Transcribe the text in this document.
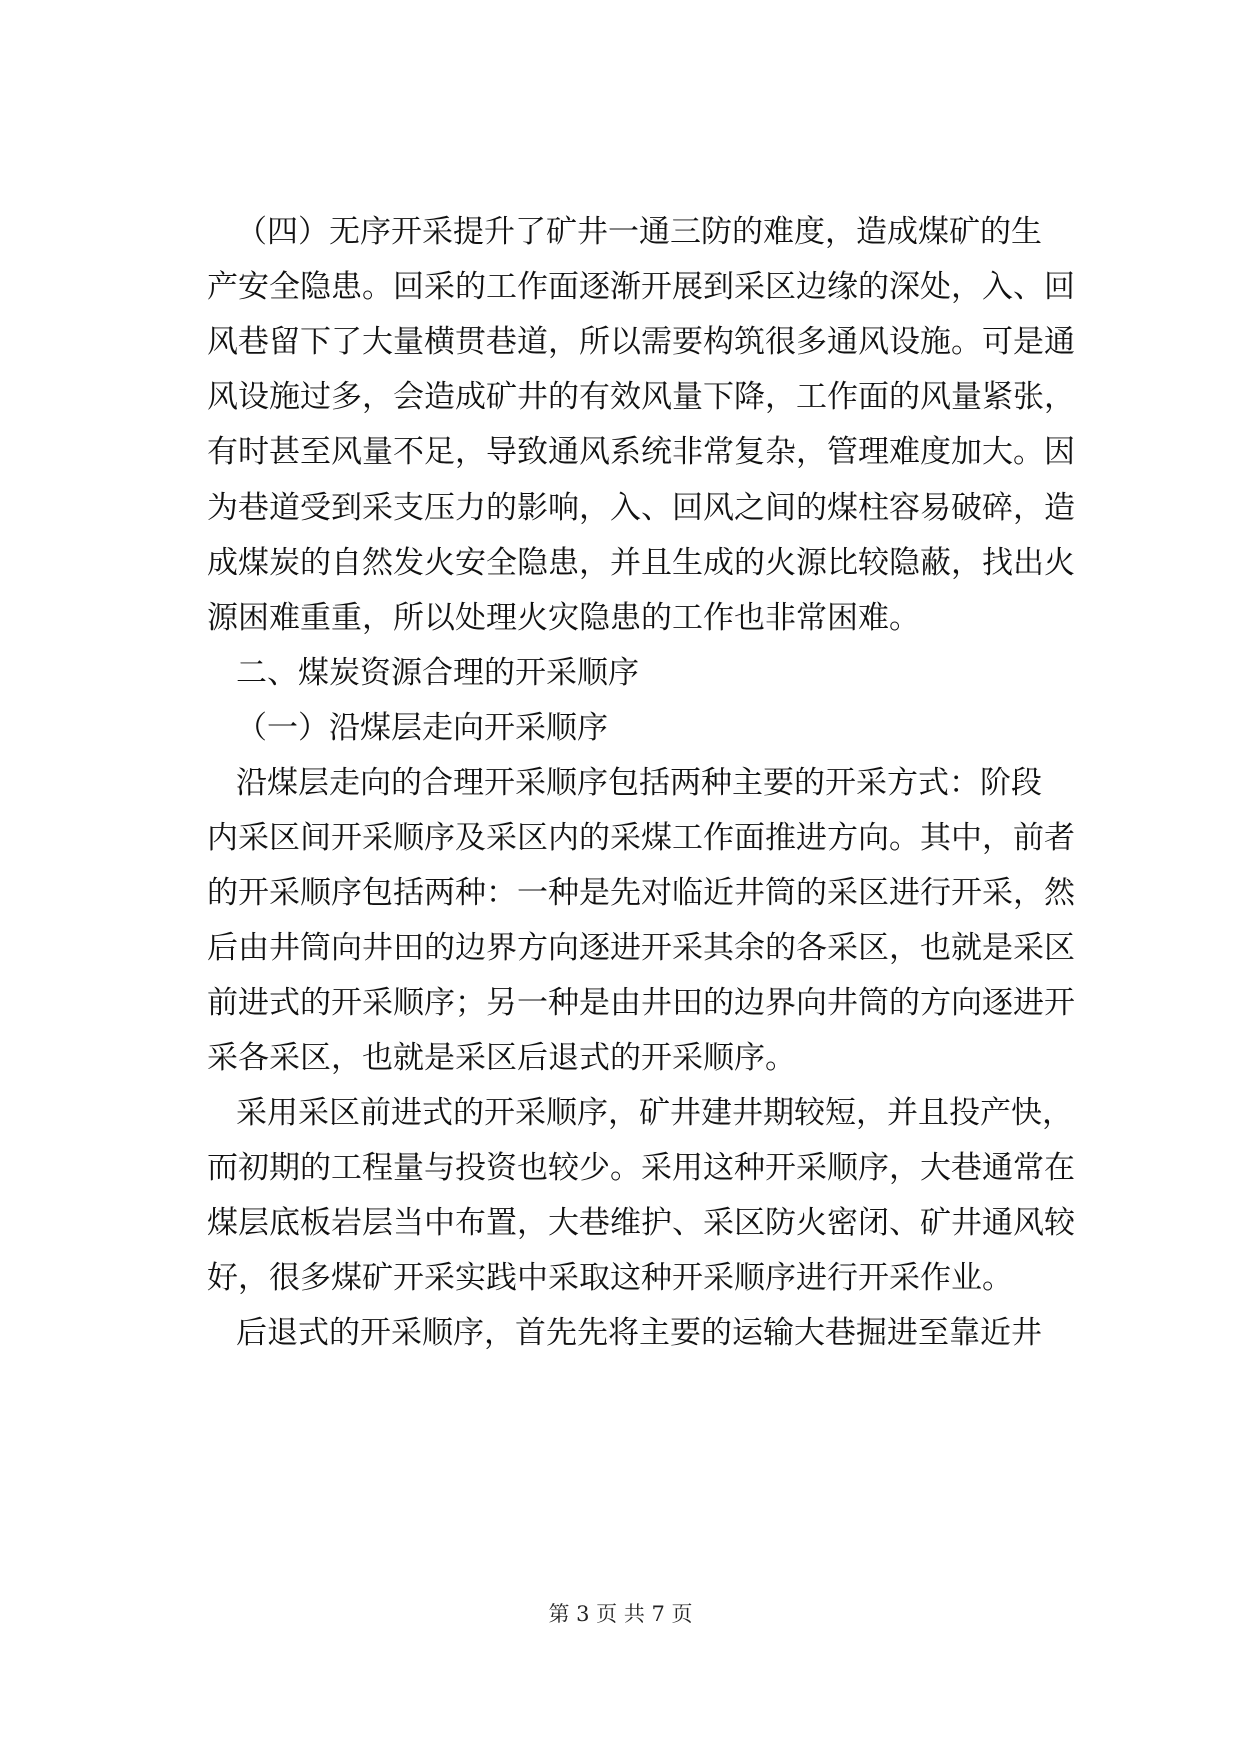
（四）无序开采提升了矿井一通三防的难度，造成煤矿的生
产安全隐患。回采的工作面逐渐开展到采区边缘的深处，入、回
风巷留下了大量横贯巷道，所以需要构筑很多通风设施。可是通
风设施过多，会造成矿井的有效风量下降，工作面的风量紧张，
有时甚至风量不足，导致通风系统非常复杂，管理难度加大。因
为巷道受到采支压力的影响，入、回风之间的煤柱容易破碎，造
成煤炭的自然发火安全隐患，并且生成的火源比较隐蔽，找出火
源困难重重，所以处理火灾隐患的工作也非常困难。
二、煤炭资源合理的开采顺序
（一）沿煤层走向开采顺序
沿煤层走向的合理开采顺序包括两种主要的开采方式：阶段
内采区间开采顺序及采区内的采煤工作面推进方向。其中，前者
的开采顺序包括两种：一种是先对临近井筒的采区进行开采，然
后由井筒向井田的边界方向逐进开采其余的各采区，也就是采区
前进式的开采顺序；另一种是由井田的边界向井筒的方向逐进开
采各采区，也就是采区后退式的开采顺序。
采用采区前进式的开采顺序，矿井建井期较短，并且投产快，
而初期的工程量与投资也较少。采用这种开采顺序，大巷通常在
煤层底板岩层当中布置，大巷维护、采区防火密闭、矿井通风较
好，很多煤矿开采实践中采取这种开采顺序进行开采作业。
后退式的开采顺序，首先先将主要的运输大巷掘进至靠近井
第 3 页 共 7 页
